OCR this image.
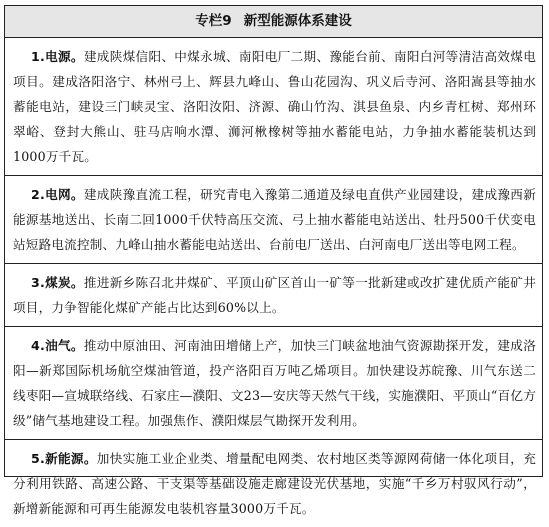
专栏9 新型能源体系建设
1.电源。建成陕煤信阳、中煤永城、南阳电厂二期、豫能台前、南阳白河等清洁高效煤电项目。建成洛阳洛宁、林州弓上、辉县九峰山、鲁山花园沟、巩义后寺河、洛阳嵩县等抽水蓄能电站，建设三门峡灵宝、洛阳汝阳、济源、确山竹沟、淇县鱼泉、内乡青杠树、郑州环翠峪、登封大熊山、驻马店响水潭、浉河楸橡树等抽水蓄能电站，力争抽水蓄能装机达到1000万千瓦。
2.电网。建成陕豫直流工程，研究青电入豫第二通道及绿电直供产业园建设，建成豫西新能源基地送出、长南二回1000千伏特高压交流、弓上抽水蓄能电站送出、牡丹500千伏变电站短路电流控制、九峰山抽水蓄能电站送出、台前电厂送出、白河南电厂送出等电网工程。
3.煤炭。推进新乡陈召北井煤矿、平顶山矿区首山一矿等一批新建或改扩建优质产能矿井项目，力争智能化煤矿产能占比达到60%以上。
4.油气。推动中原油田、河南油田增储上产，加快三门峡盆地油气资源勘探开发，建成洛阳—新郑国际机场航空煤油管道，投产洛阳百万吨乙烯项目。加快建设苏皖豫、川气东送二线枣阳—宣城联络线、石家庄—濮阳、文23—安庆等天然气干线，实施濮阳、平顶山“百亿方级”储气基地建设工程。加强焦作、濮阳煤层气勘探开发利用。
5.新能源。加快实施工业企业类、增量配电网类、农村地区类等源网荷储一体化项目，充分利用铁路、高速公路、干支渠等基础设施走廊建设光伏基地，实施“千乡万村驭风行动”，新增新能源和可再生能源发电装机容量3000万千瓦。
